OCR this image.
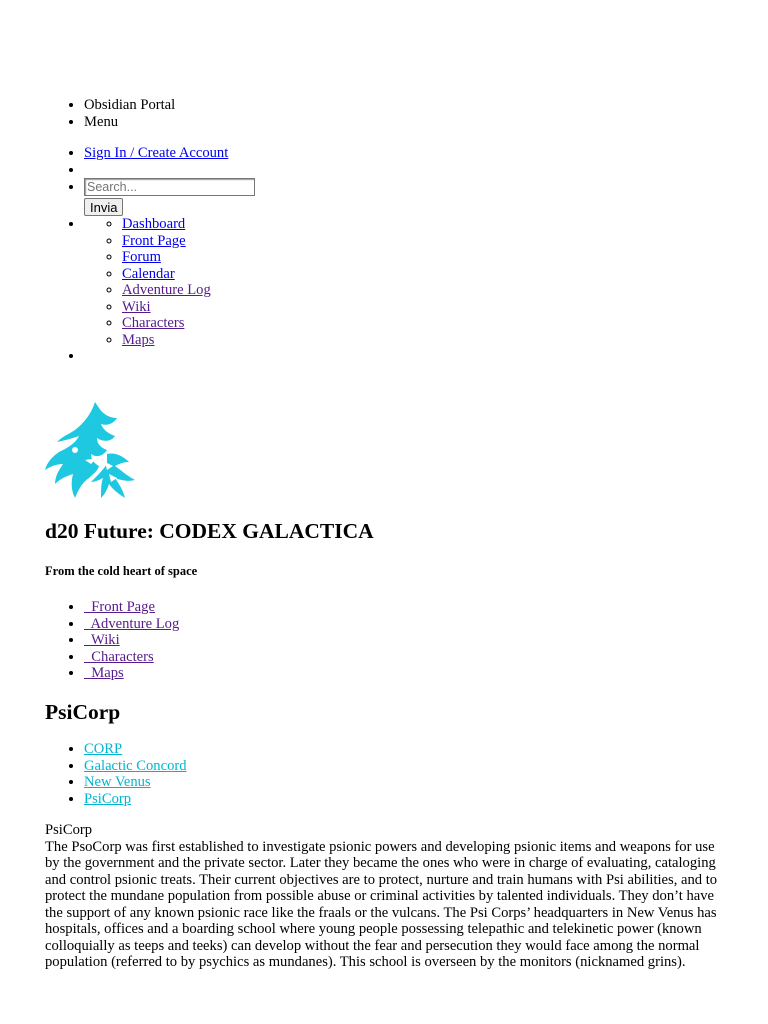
• Obsidian Portal
• Menu
• Sign In / Create Account
•
Search...
• Invia
◦ • Dashboard
◦ Front Page
◦ Forum
◦ Calendar
◦ Adventure Log
◦ Wiki
◦ Characters
◦ Maps
•
d20 Future: CODEX GALACTICA
From the cold heart of space
•   Front Page
•   Adventure Log
•   Wiki
•   Characters
•   Maps
PsiCorp
• CORP
• Galactic Concord
• New Venus
• PsiCorp

PsiCorp

The PsoCorp was first established to investigate psionic powers and developing psionic items and weapons for use by the government and the private sector. Later they became the ones who were in charge of evaluating, cataloging and control psionic treats. Their current objectives are to protect, nurture and train humans with Psi abilities, and to protect the mundane population from possible abuse or criminal activities by talented individuals. They don’t have the support of any known psionic race like the fraals or the vulcans. The Psi Corps’ headquarters in New Venus has hospitals, offices and a boarding school where young people possessing telepathic and telekinetic power (known colloquially as teeps and teeks) can develop without the fear and persecution they would face among the normal population (referred to by psychics as mundanes). This school is overseen by the monitors (nicknamed grins).
